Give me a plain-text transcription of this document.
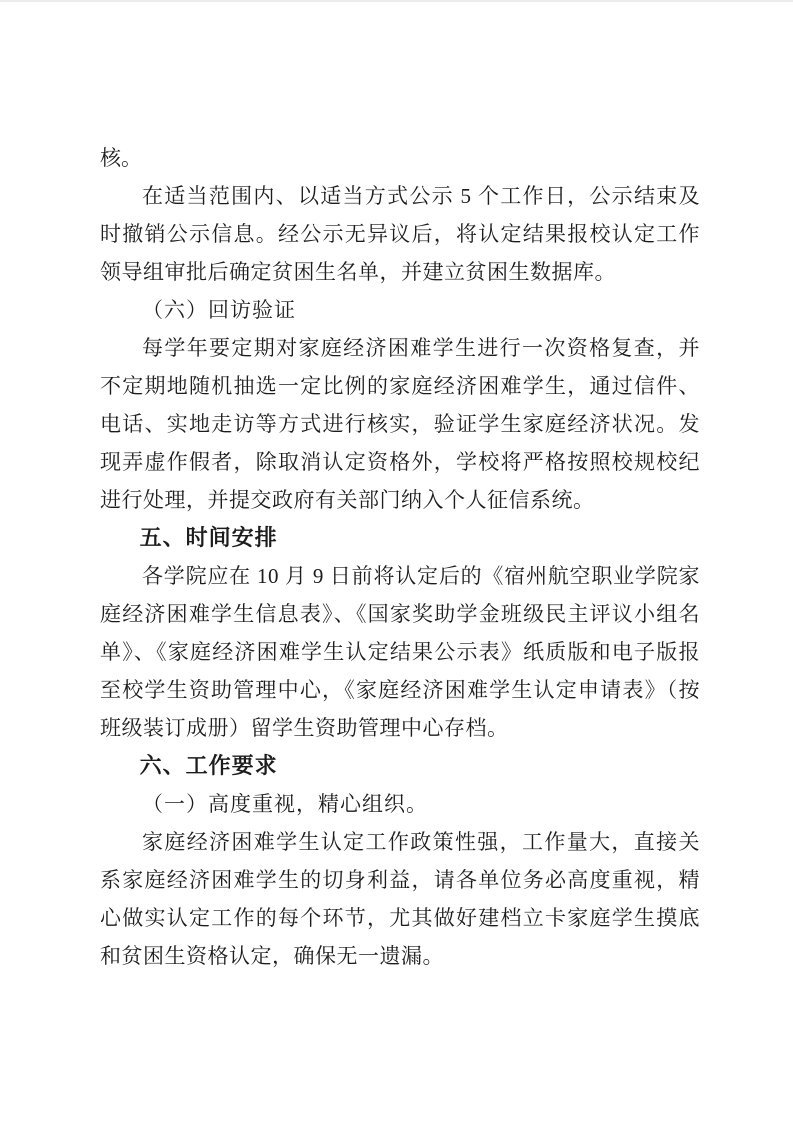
核。

在适当范围内、以适当方式公示 5 个工作日，公示结束及时撤销公示信息。经公示无异议后，将认定结果报校认定工作领导组审批后确定贫困生名单，并建立贫困生数据库。

（六）回访验证

每学年要定期对家庭经济困难学生进行一次资格复查，并不定期地随机抽选一定比例的家庭经济困难学生，通过信件、电话、实地走访等方式进行核实，验证学生家庭经济状况。发现弄虚作假者，除取消认定资格外，学校将严格按照校规校纪进行处理，并提交政府有关部门纳入个人征信系统。

五、时间安排

各学院应在 10 月 9 日前将认定后的《宿州航空职业学院家庭经济困难学生信息表》、《国家奖助学金班级民主评议小组名单》、《家庭经济困难学生认定结果公示表》纸质版和电子版报至校学生资助管理中心，《家庭经济困难学生认定申请表》（按班级装订成册）留学生资助管理中心存档。

六、工作要求

（一）高度重视，精心组织。

家庭经济困难学生认定工作政策性强，工作量大，直接关系家庭经济困难学生的切身利益，请各单位务必高度重视，精心做实认定工作的每个环节，尤其做好建档立卡家庭学生摸底和贫困生资格认定，确保无一遗漏。
